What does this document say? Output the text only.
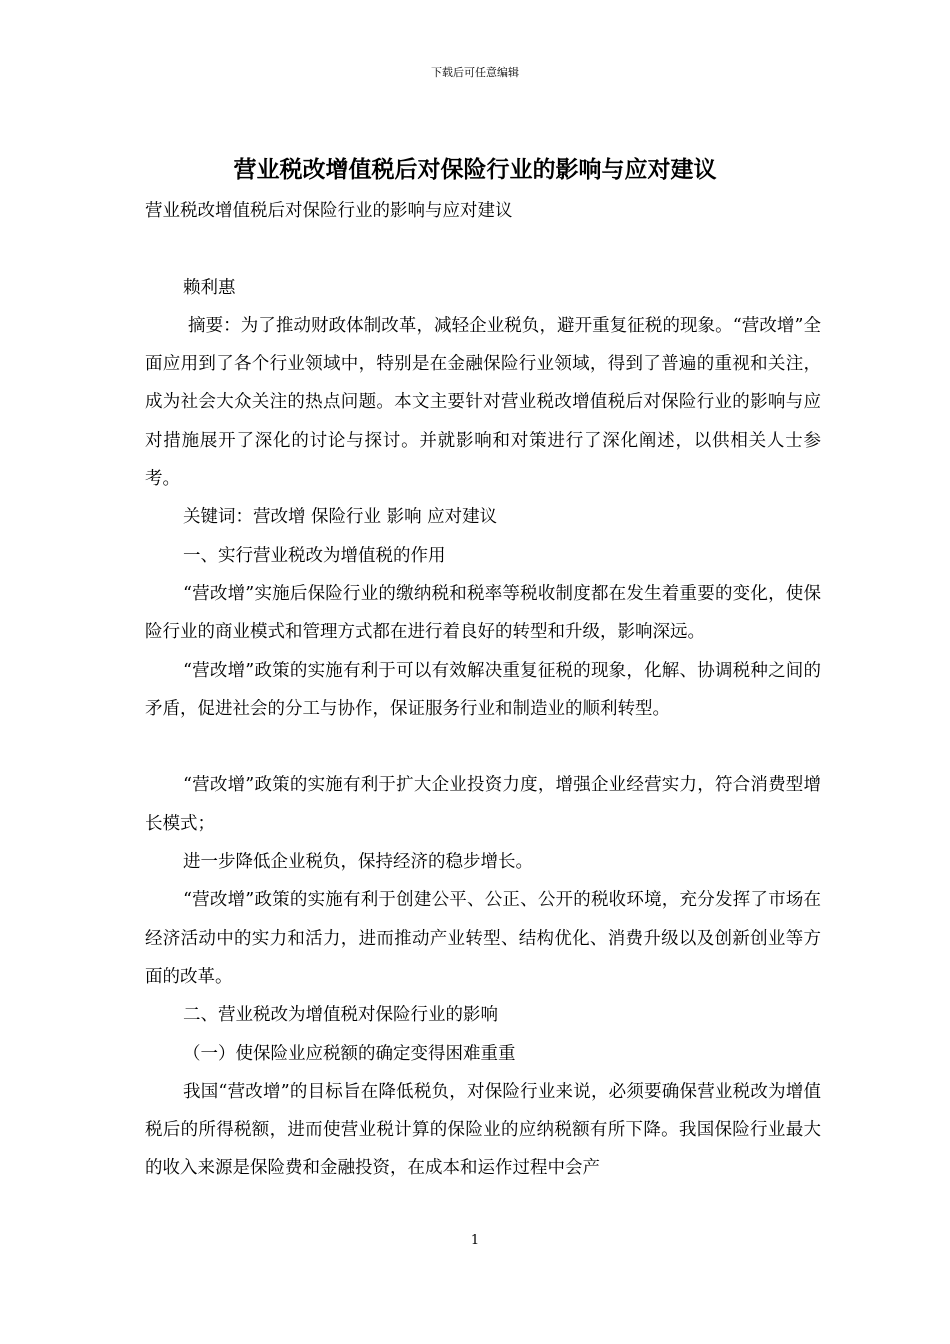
下载后可任意编辑
营业税改增值税后对保险行业的影响与应对建议

营业税改增值税后对保险行业的影响与应对建议

赖利惠

摘要：为了推动财政体制改革，减轻企业税负，避开重复征税的现象。“营改增”全面应用到了各个行业领域中，特别是在金融保险行业领域，得到了普遍的重视和关注，成为社会大众关注的热点问题。本文主要针对营业税改增值税后对保险行业的影响与应对措施展开了深化的讨论与探讨。并就影响和对策进行了深化阐述，以供相关人士参考。

关键词：营改增 保险行业 影响 应对建议

一、实行营业税改为增值税的作用

“营改增”实施后保险行业的缴纳税和税率等税收制度都在发生着重要的变化，使保险行业的商业模式和管理方式都在进行着良好的转型和升级，影响深远。

“营改增”政策的实施有利于可以有效解决重复征税的现象，化解、协调税种之间的矛盾，促进社会的分工与协作，保证服务行业和制造业的顺利转型。

“营改增”政策的实施有利于扩大企业投资力度，增强企业经营实力，符合消费型增长模式；

进一步降低企业税负，保持经济的稳步增长。

“营改增”政策的实施有利于创建公平、公正、公开的税收环境，充分发挥了市场在经济活动中的实力和活力，进而推动产业转型、结构优化、消费升级以及创新创业等方面的改革。

二、营业税改为增值税对保险行业的影响

（一）使保险业应税额的确定变得困难重重

我国“营改增”的目标旨在降低税负，对保险行业来说，必须要确保营业税改为增值税后的所得税额，进而使营业税计算的保险业的应纳税额有所下降。我国保险行业最大的收入来源是保险费和金融投资，在成本和运作过程中会产

1
